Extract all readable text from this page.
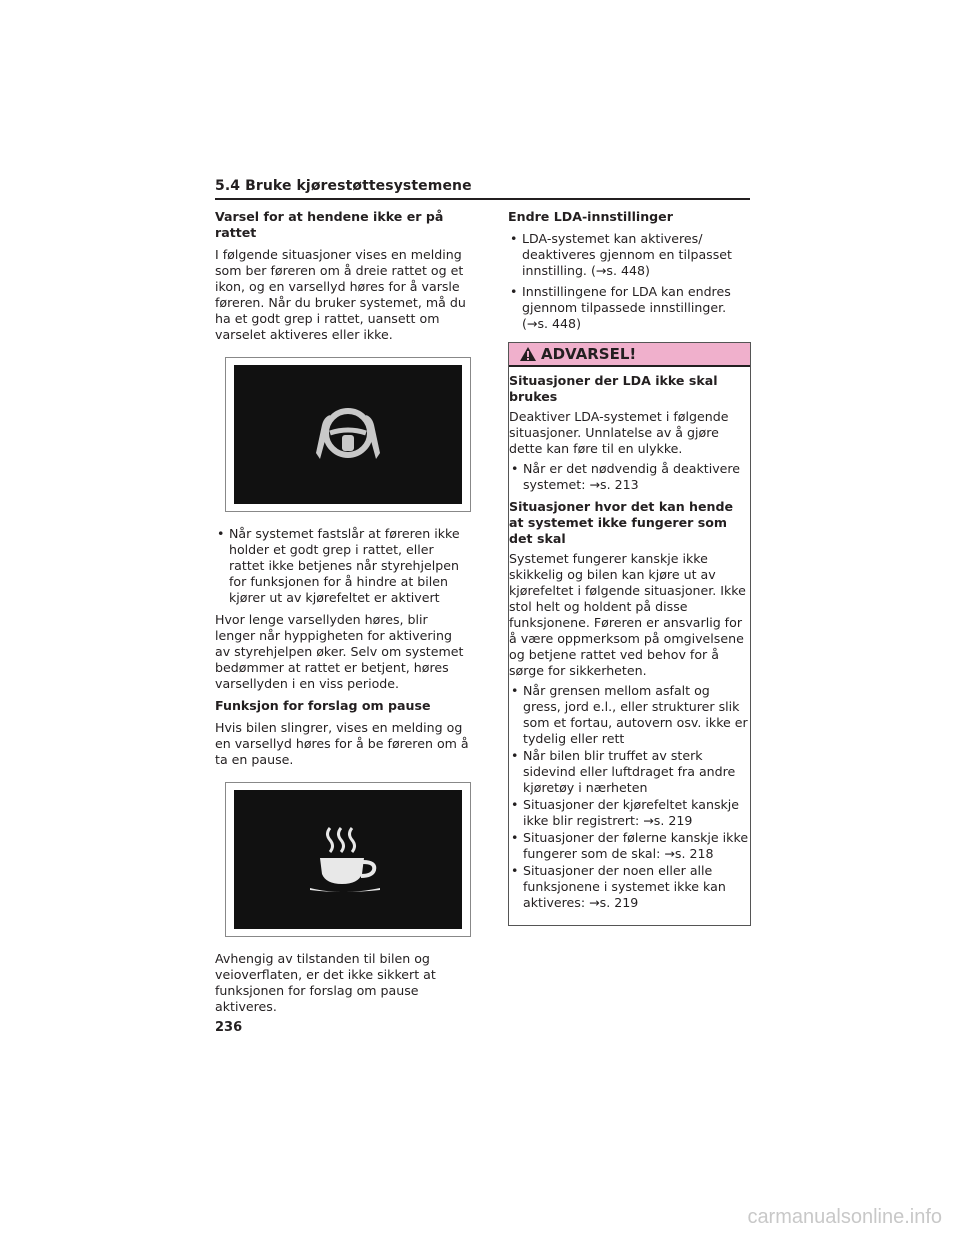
5.4 Bruke kjørestøttesystemene
Varsel for at hendene ikke er på rattet
I følgende situasjoner vises en melding som ber føreren om å dreie rattet og et ikon, og en varsellyd høres for å varsle føreren. Når du bruker systemet, må du ha et godt grep i rattet, uansett om varselet aktiveres eller ikke.
• Når systemet fastslår at føreren ikke holder et godt grep i rattet, eller rattet ikke betjenes når styrehjelpen for funksjonen for å hindre at bilen kjører ut av kjørefeltet er aktivert
Hvor lenge varsellyden høres, blir lenger når hyppigheten for aktivering av styrehjelpen øker. Selv om systemet bedømmer at rattet er betjent, høres varsellyden i en viss periode.
Funksjon for forslag om pause
Hvis bilen slingrer, vises en melding og en varsellyd høres for å be føreren om å ta en pause.
Avhengig av tilstanden til bilen og veioverflaten, er det ikke sikkert at funksjonen for forslag om pause aktiveres.
Endre LDA-innstillinger
• LDA-systemet kan aktiveres/ deaktiveres gjennom en tilpasset innstilling. (→s. 448)
• Innstillingene for LDA kan endres gjennom tilpassede innstillinger. (→s. 448)
ADVARSEL!
Situasjoner der LDA ikke skal brukes
Deaktiver LDA-systemet i følgende situasjoner. Unnlatelse av å gjøre dette kan føre til en ulykke.
• Når er det nødvendig å deaktivere systemet: →s. 213
Situasjoner hvor det kan hende at systemet ikke fungerer som det skal
Systemet fungerer kanskje ikke skikkelig og bilen kan kjøre ut av kjørefeltet i følgende situasjoner. Ikke stol helt og holdent på disse funksjonene. Føreren er ansvarlig for å være oppmerksom på omgivelsene og betjene rattet ved behov for å sørge for sikkerheten.
• Når grensen mellom asfalt og gress, jord e.l., eller strukturer slik som et fortau, autovern osv. ikke er tydelig eller rett
• Når bilen blir truffet av sterk sidevind eller luftdraget fra andre kjøretøy i nærheten
• Situasjoner der kjørefeltet kanskje ikke blir registrert: →s. 219
• Situasjoner der følerne kanskje ikke fungerer som de skal: →s. 218
• Situasjoner der noen eller alle funksjonene i systemet ikke kan aktiveres: →s. 219
236
carmanualsonline.info
